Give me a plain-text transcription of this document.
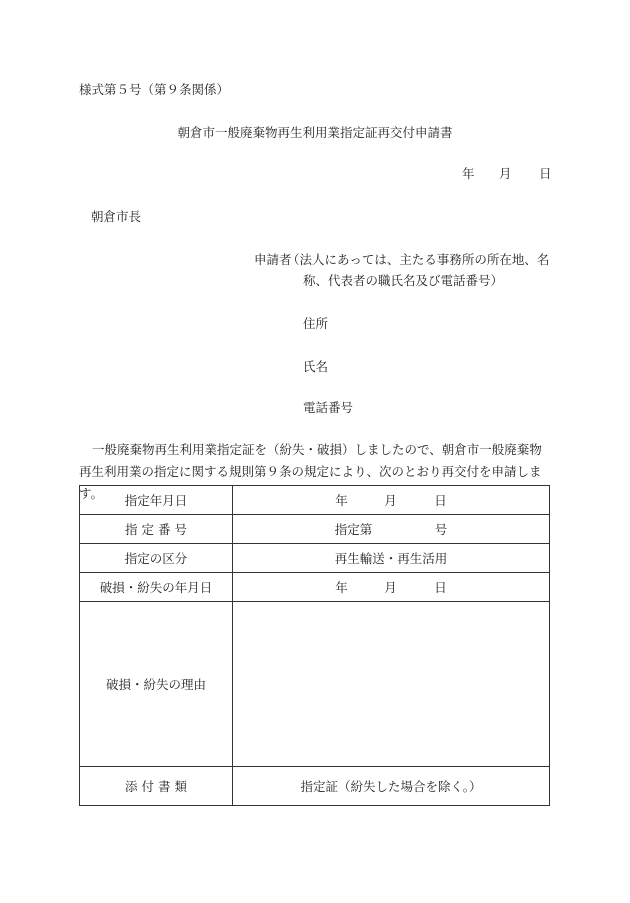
様式第５号（第９条関係）
朝倉市一般廃棄物再生利用業指定証再交付申請書
年 月 日
朝倉市長
申請者
（法人にあっては、主たる事務所の所在地、名
称、代表者の職氏名及び電話番号）
住所
氏名
電話番号
一般廃棄物再生利用業指定証を（紛失・破損）しましたので、朝倉市一般廃棄物再生利用業の指定に関する規則第９条の規定により、次のとおり再交付を申請します。	指定年月日	年 月 日
指 定 番 号	指定第 号
指定の区分	再生輸送・再生活用
破損・紛失の年月日	年 月 日
破損・紛失の理由	
添 付 書 類	指定証（紛失した場合を除く。）
